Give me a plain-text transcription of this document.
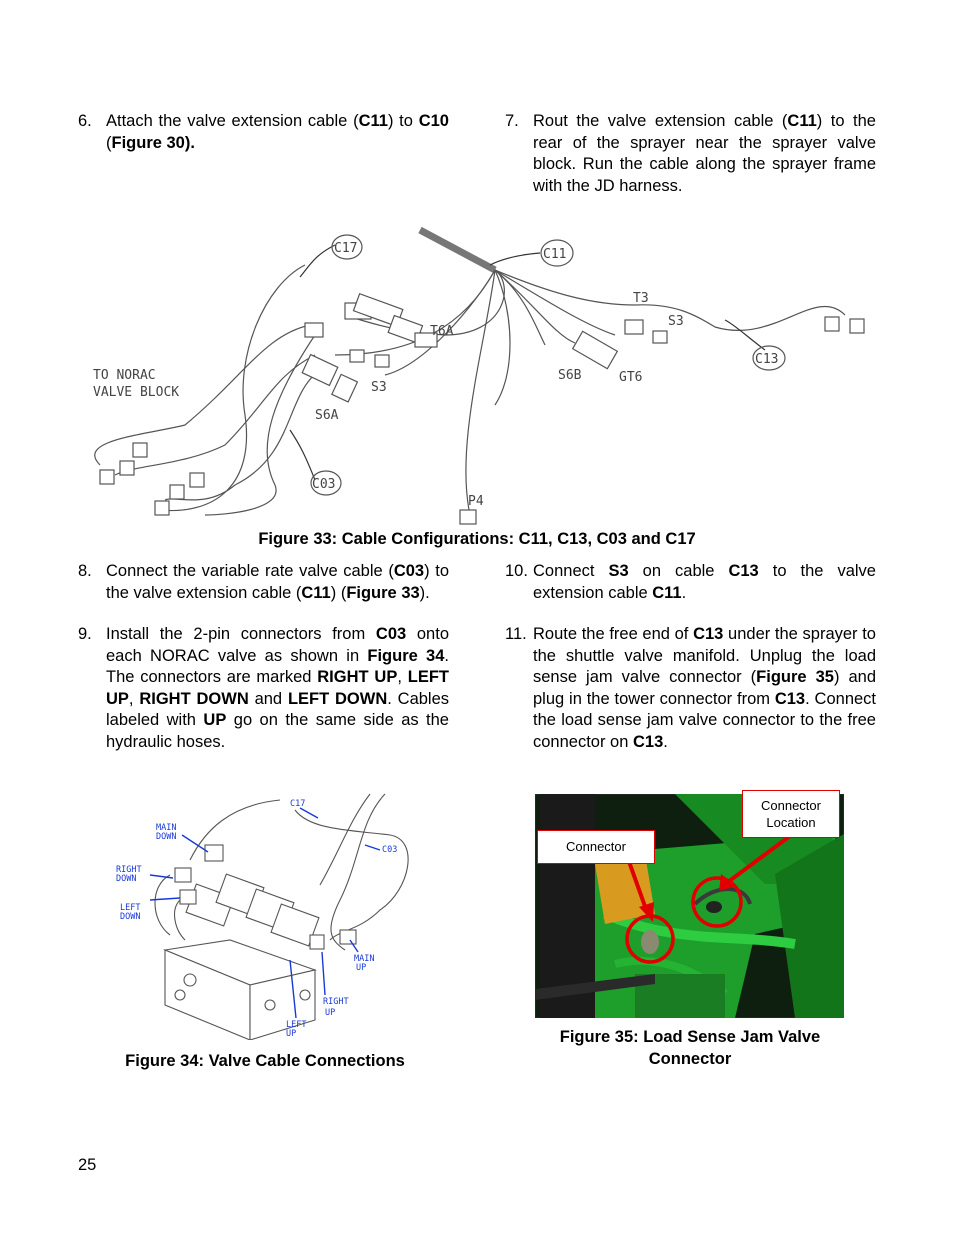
6. Attach the valve extension cable (C11) to C10 (Figure 30).
7. Rout the valve extension cable (C11) to the rear of the sprayer near the sprayer valve block. Run the cable along the sprayer frame with the JD harness.
C17	C11
T3
S3
T6A
C13
S6B	GT6
TO NORAC
VALVE BLOCK	S3
S6A
C03
P4
Figure 33: Cable Configurations: C11, C13, C03 and C17
8. Connect the variable rate valve cable (C03) to the valve extension cable (C11) (Figure 33).
9. Install the 2-pin connectors from C03 onto each NORAC valve as shown in Figure 34. The connectors are marked RIGHT UP, LEFT UP, RIGHT DOWN and LEFT DOWN. Cables labeled with UP go on the same side as the hydraulic hoses.
10. Connect S3 on cable C13 to the valve extension cable C11.
11. Route the free end of C13 under the sprayer to the shuttle valve manifold. Unplug the load sense jam valve connector (Figure 35) and plug in the tower connector from C13. Connect the load sense jam valve connector to the free connector on C13.
C17
C03
MAIN
DOWN
RIGHT
DOWN
LEFT
DOWN
MAIN
UP
RIGHT
UP
LEFT
UP
Figure 34: Valve Cable Connections
Connector
Connector
Location
Figure 35: Load Sense Jam Valve
Connector
25
